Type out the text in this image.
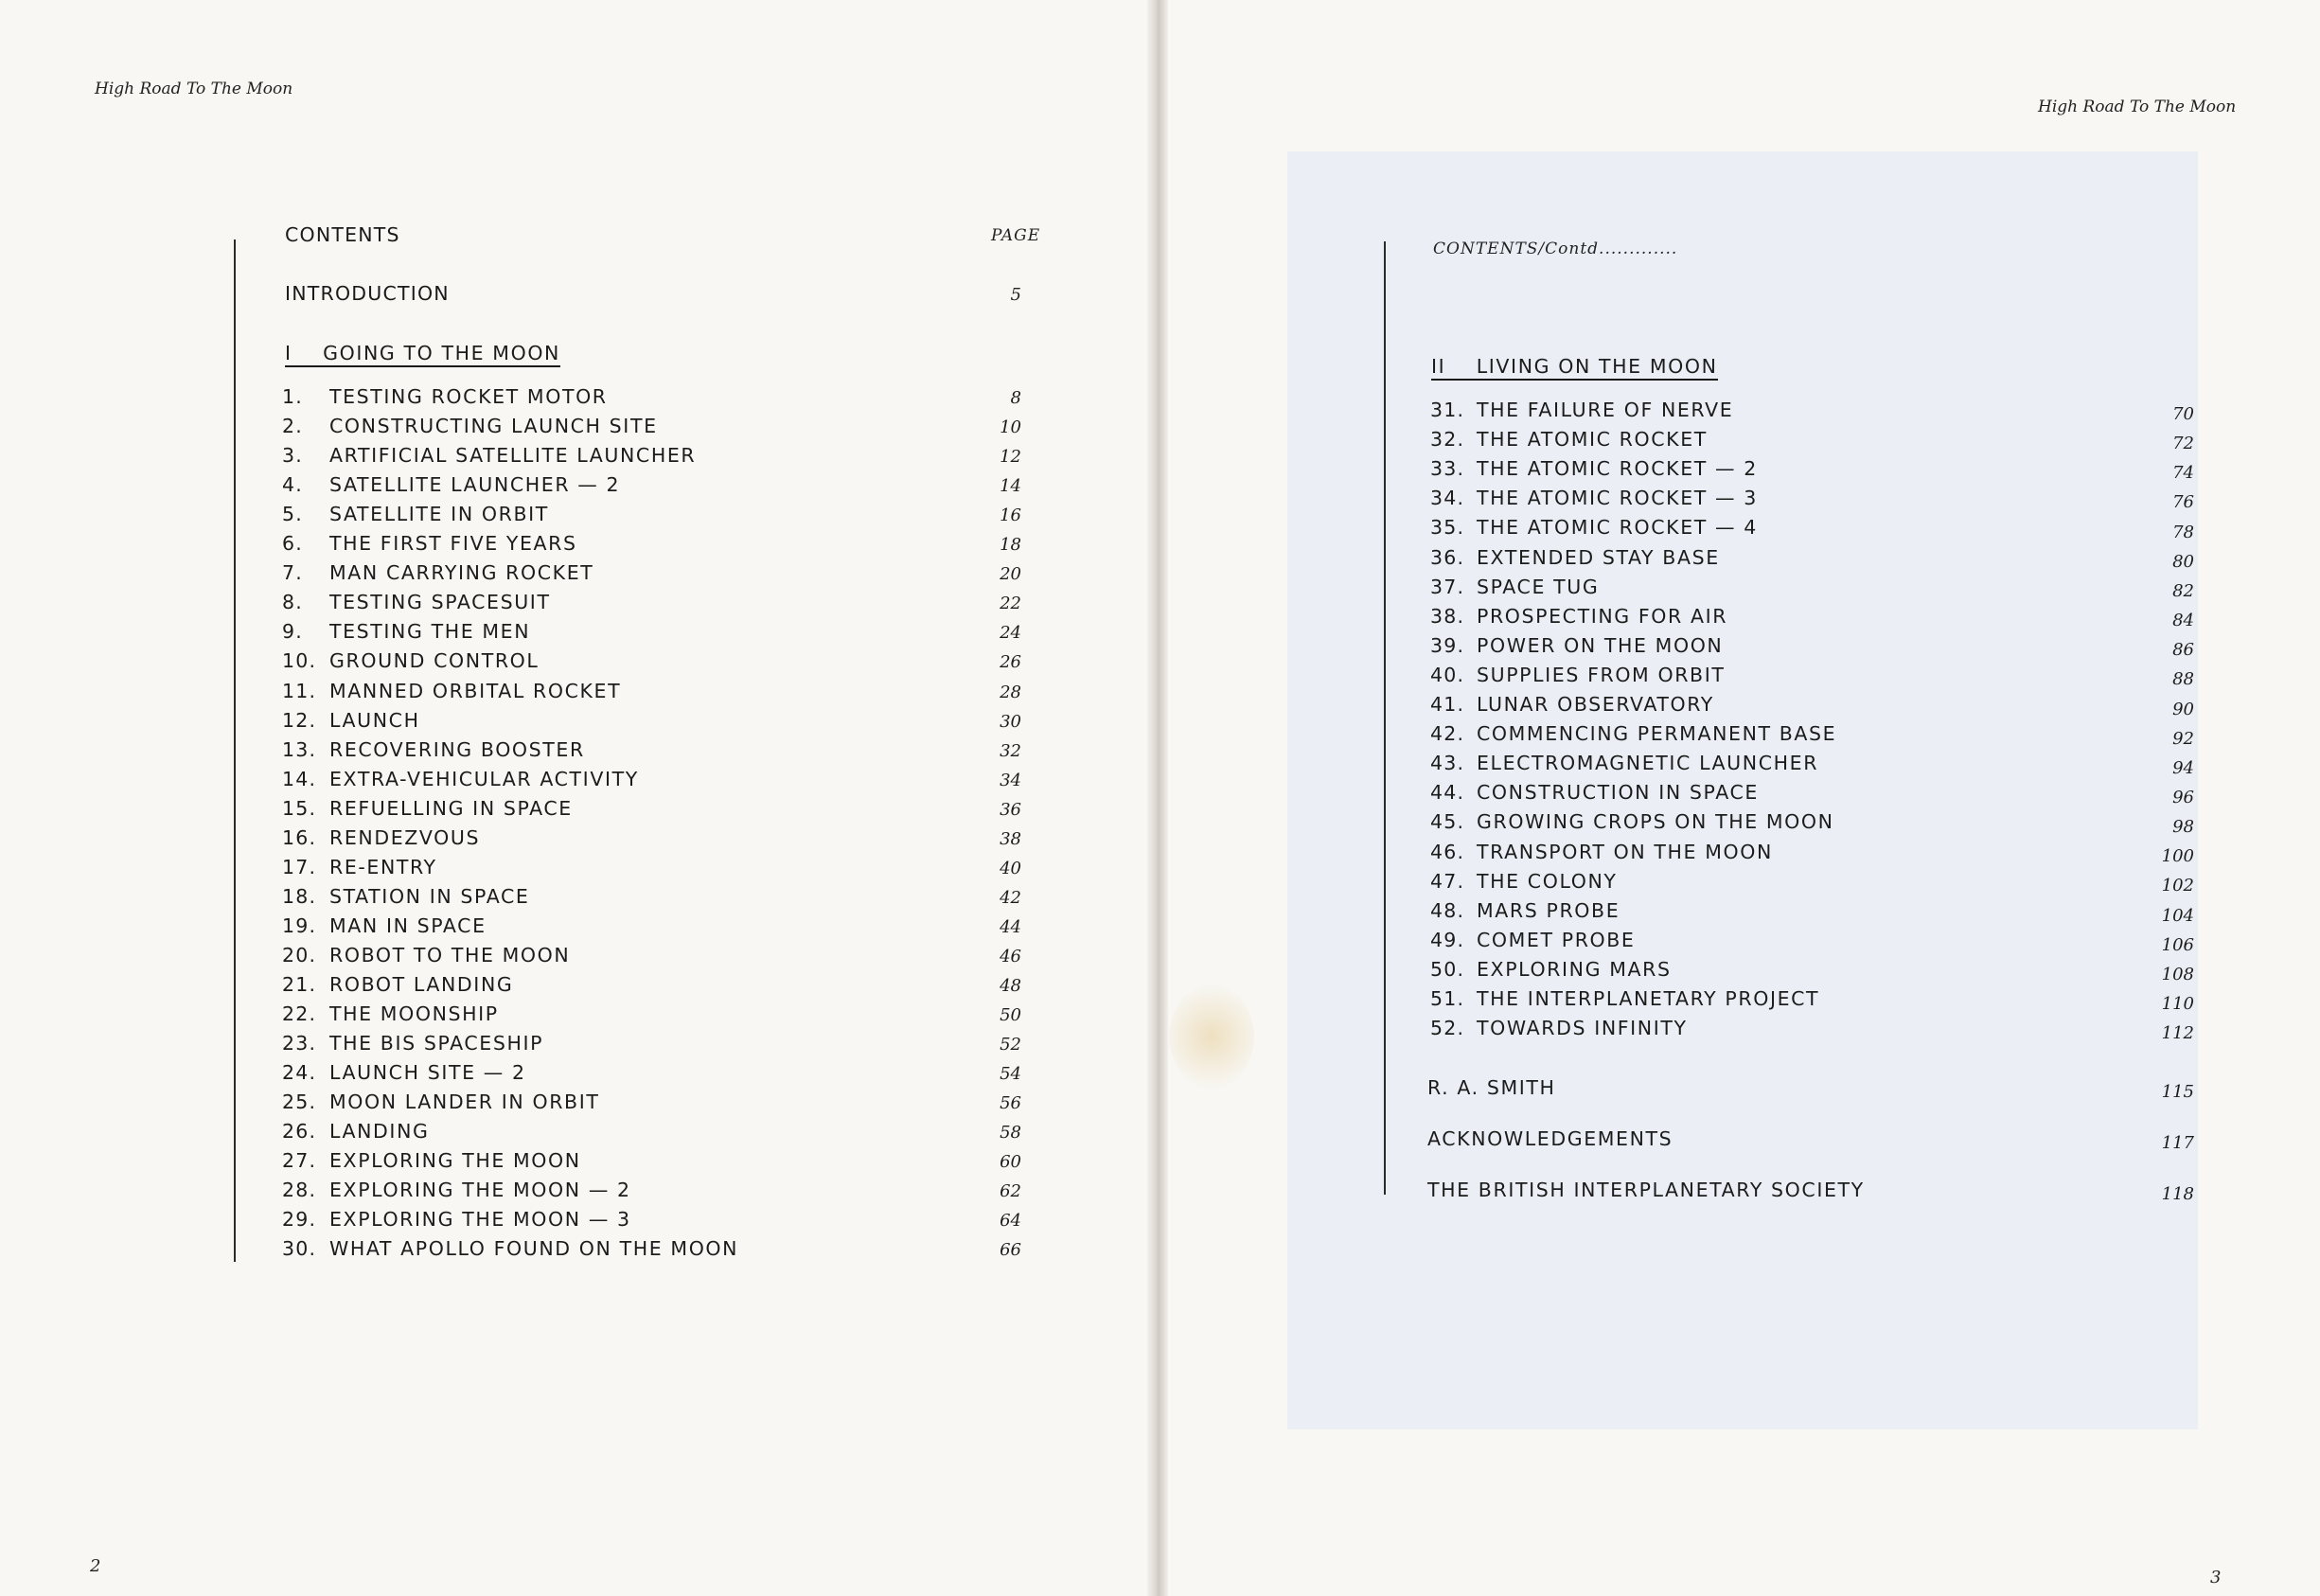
High Road To The Moon
CONTENTS	PAGE
INTRODUCTION	5
I    GOING TO THE MOON
1. TESTING ROCKET MOTOR	8
2. CONSTRUCTING LAUNCH SITE	10
3. ARTIFICIAL SATELLITE LAUNCHER	12
4. SATELLITE LAUNCHER — 2	14
5. SATELLITE IN ORBIT	16
6. THE FIRST FIVE YEARS	18
7. MAN CARRYING ROCKET	20
8. TESTING SPACESUIT	22
9. TESTING THE MEN	24
10. GROUND CONTROL	26
11. MANNED ORBITAL ROCKET	28
12. LAUNCH	30
13. RECOVERING BOOSTER	32
14. EXTRA-VEHICULAR ACTIVITY	34
15. REFUELLING IN SPACE	36
16. RENDEZVOUS	38
17. RE-ENTRY	40
18. STATION IN SPACE	42
19. MAN IN SPACE	44
20. ROBOT TO THE MOON	46
21. ROBOT LANDING	48
22. THE MOONSHIP	50
23. THE BIS SPACESHIP	52
24. LAUNCH SITE — 2	54
25. MOON LANDER IN ORBIT	56
26. LANDING	58
27. EXPLORING THE MOON	60
28. EXPLORING THE MOON — 2	62
29. EXPLORING THE MOON — 3	64
30. WHAT APOLLO FOUND ON THE MOON	66
2
High Road To The Moon
CONTENTS/Contd.............
II    LIVING ON THE MOON
31. THE FAILURE OF NERVE	70
32. THE ATOMIC ROCKET	72
33. THE ATOMIC ROCKET — 2	74
34. THE ATOMIC ROCKET — 3	76
35. THE ATOMIC ROCKET — 4	78
36. EXTENDED STAY BASE	80
37. SPACE TUG	82
38. PROSPECTING FOR AIR	84
39. POWER ON THE MOON	86
40. SUPPLIES FROM ORBIT	88
41. LUNAR OBSERVATORY	90
42. COMMENCING PERMANENT BASE	92
43. ELECTROMAGNETIC LAUNCHER	94
44. CONSTRUCTION IN SPACE	96
45. GROWING CROPS ON THE MOON	98
46. TRANSPORT ON THE MOON	100
47. THE COLONY	102
48. MARS PROBE	104
49. COMET PROBE	106
50. EXPLORING MARS	108
51. THE INTERPLANETARY PROJECT	110
52. TOWARDS INFINITY	112
R. A. SMITH	115
ACKNOWLEDGEMENTS	117
THE BRITISH INTERPLANETARY SOCIETY	118
3
